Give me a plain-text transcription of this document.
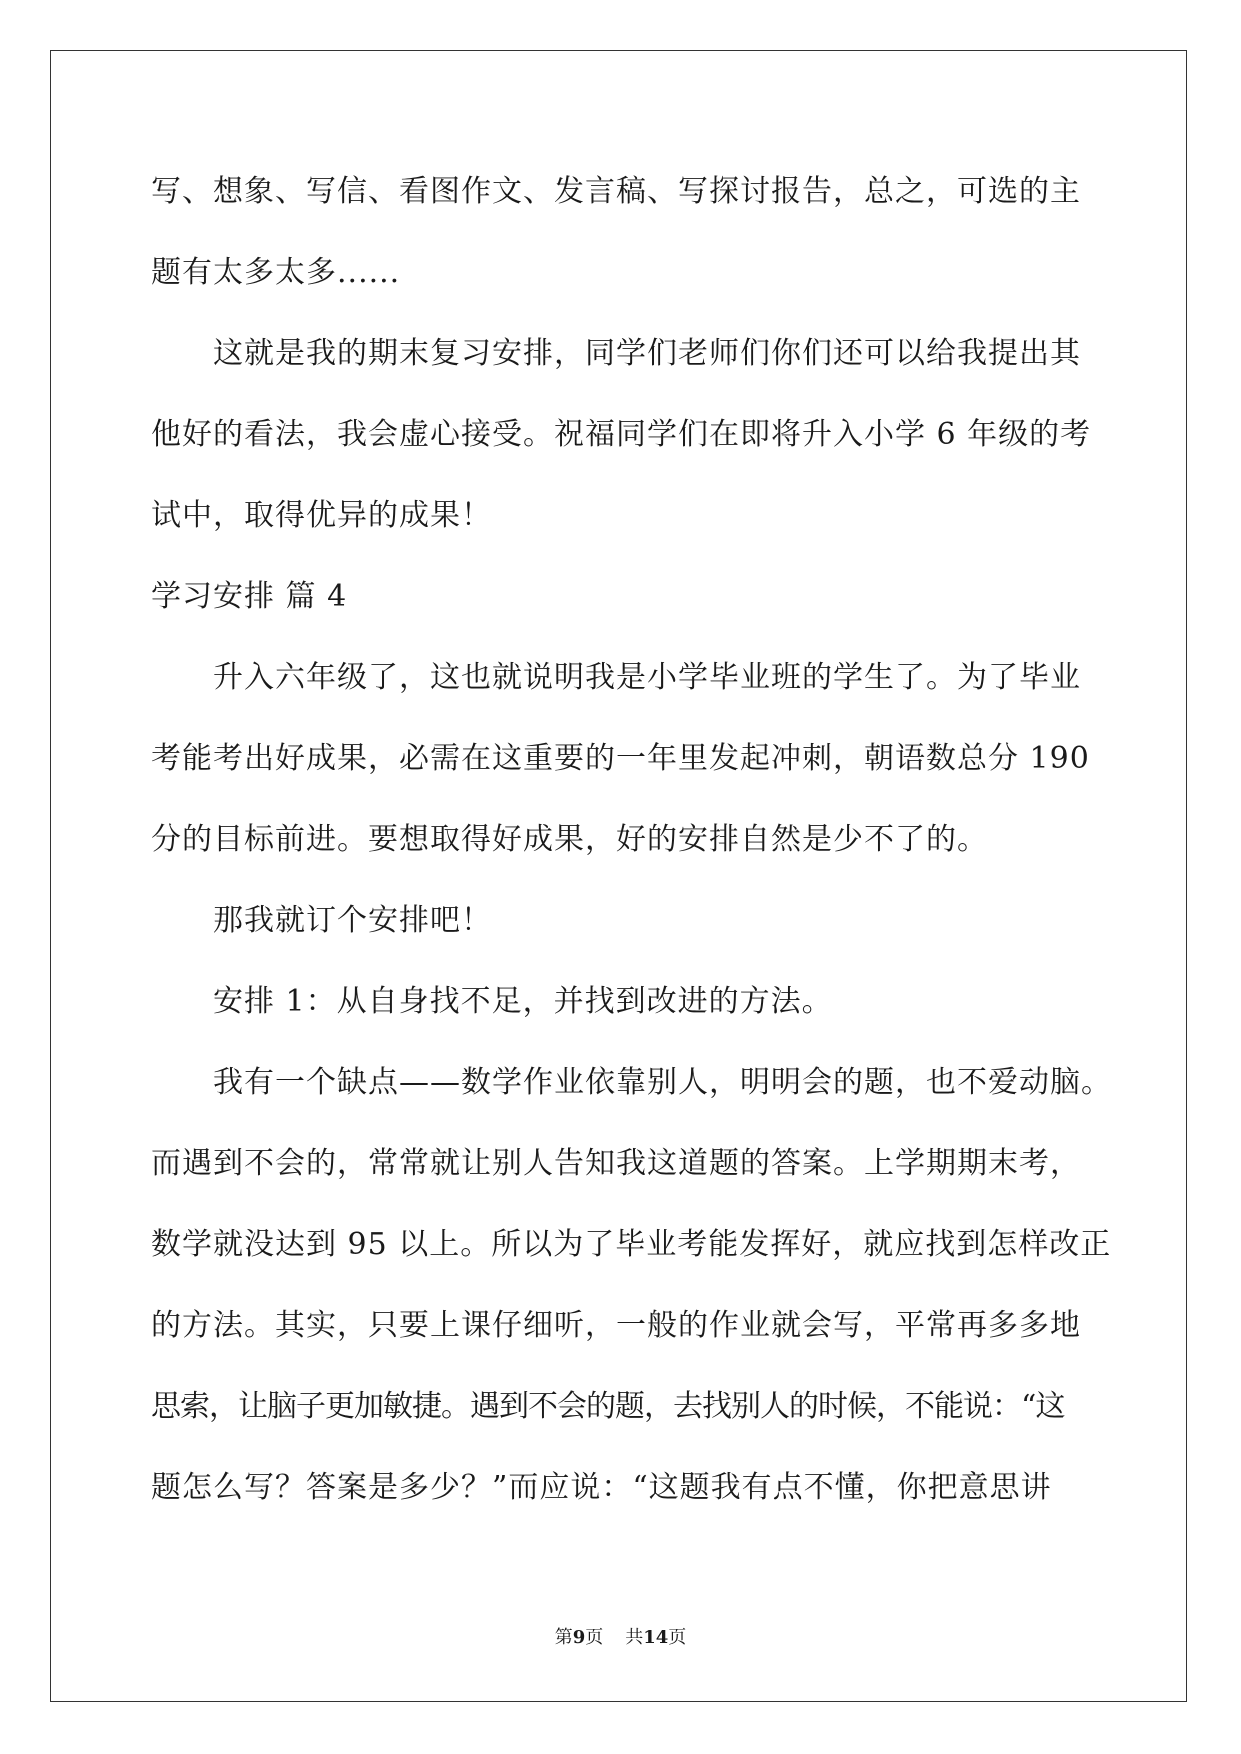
写、想象、写信、看图作文、发言稿、写探讨报告，总之，可选的主
题有太多太多......
这就是我的期末复习安排，同学们老师们你们还可以给我提出其
他好的看法，我会虚心接受。祝福同学们在即将升入小学 6 年级的考
试中，取得优异的成果！
学习安排 篇 4
升入六年级了，这也就说明我是小学毕业班的学生了。为了毕业
考能考出好成果，必需在这重要的一年里发起冲刺，朝语数总分 190
分的目标前进。要想取得好成果，好的安排自然是少不了的。
那我就订个安排吧！
安排 1：从自身找不足，并找到改进的方法。
我有一个缺点——数学作业依靠别人，明明会的题，也不爱动脑。
而遇到不会的，常常就让别人告知我这道题的答案。上学期期末考，
数学就没达到 95 以上。所以为了毕业考能发挥好，就应找到怎样改正
的方法。其实，只要上课仔细听，一般的作业就会写，平常再多多地
思索，让脑子更加敏捷。遇到不会的题，去找别人的时候，不能说：“这
题怎么写？答案是多少？”而应说：“这题我有点不懂，你把意思讲
第9页 共14页
